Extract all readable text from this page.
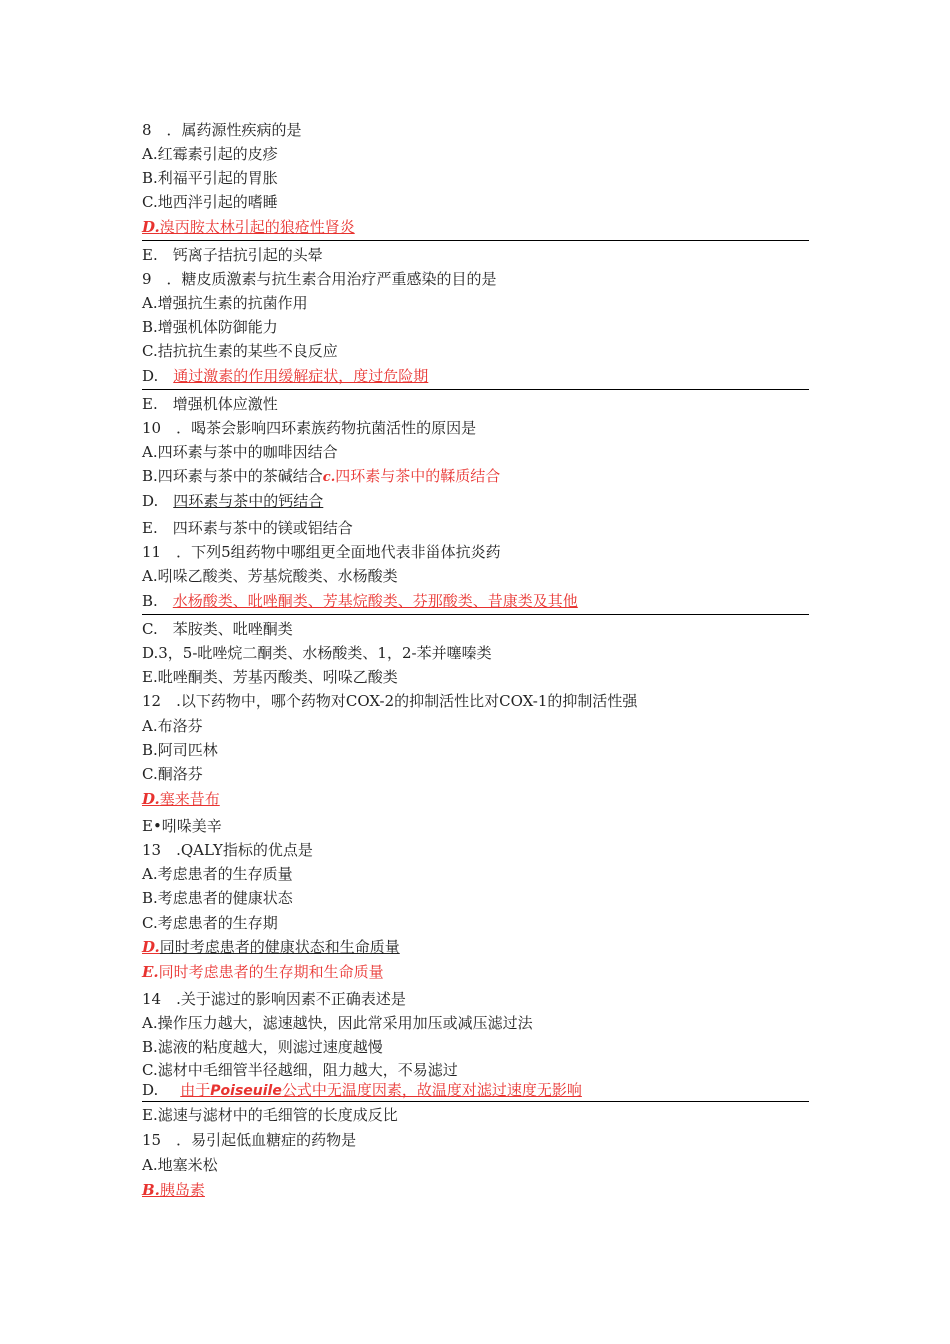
8　．属药源性疾病的是
A.红霉素引起的皮疹
B.利福平引起的胃胀
C.地西泮引起的嗜睡
D.溴丙胺太林引起的狼疮性肾炎
E.　钙离子拮抗引起的头晕
9　．糖皮质激素与抗生素合用治疗严重感染的目的是
A.增强抗生素的抗菌作用
B.增强机体防御能力
C.拮抗抗生素的某些不良反应
D.　通过激素的作用缓解症状，度过危险期
E.　增强机体应激性
10　．喝茶会影响四环素族药物抗菌活性的原因是
A.四环素与茶中的咖啡因结合
B.四环素与茶中的茶碱结合c.四环素与茶中的鞣质结合
D.　四环素与茶中的钙结合
E.　四环素与茶中的镁或铝结合
11　．下列5组药物中哪组更全面地代表非甾体抗炎药
A.吲哚乙酸类、芳基烷酸类、水杨酸类
B.　水杨酸类、吡唑酮类、芳基烷酸类、芬那酸类、昔康类及其他
C.　苯胺类、吡唑酮类
D.3，5-吡唑烷二酮类、水杨酸类、1，2-苯并噻嗪类
E.吡唑酮类、芳基丙酸类、吲哚乙酸类
12　.以下药物中，哪个药物对COX-2的抑制活性比对COX-1的抑制活性强
A.布洛芬
B.阿司匹林
C.酮洛芬
D.塞来昔布
E•吲哚美辛
13　.QALY指标的优点是
A.考虑患者的生存质量
B.考虑患者的健康状态
C.考虑患者的生存期
D.同时考虑患者的健康状态和生命质量
E.同时考虑患者的生存期和生命质量
14　.关于滤过的影响因素不正确表述是
A.操作压力越大，滤速越快，因此常采用加压或减压滤过法
B.滤液的粘度越大，则滤过速度越慢
C.滤材中毛细管半径越细，阻力越大，不易滤过
D. 由于Poiseuile公式中无温度因素，故温度对滤过速度无影响
E.滤速与滤材中的毛细管的长度成反比
15　．易引起低血糖症的药物是
A.地塞米松
B.胰岛素
